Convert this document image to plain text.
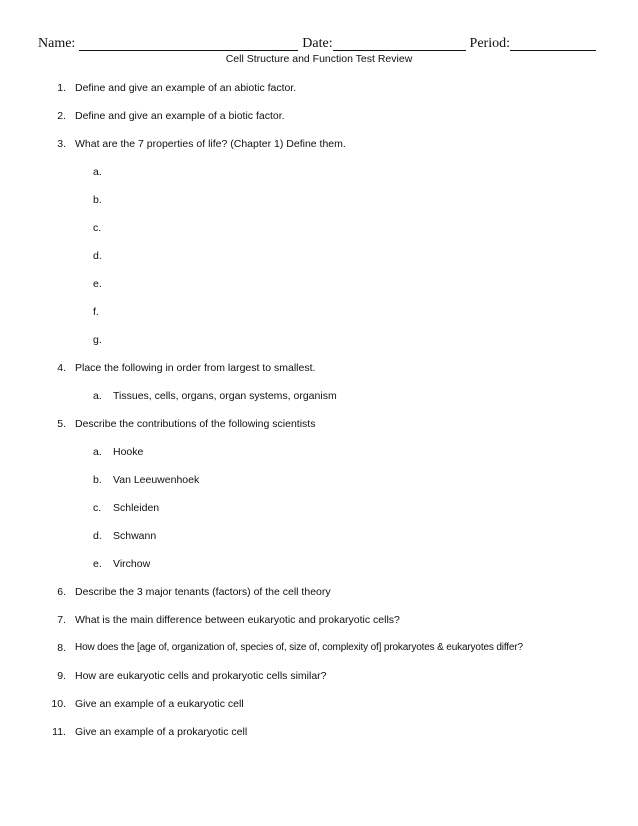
Name:	Date:	Period:
Cell Structure and Function Test Review
1. Define and give an example of an abiotic factor.
2. Define and give an example of a biotic factor.
3. What are the 7 properties of life? (Chapter 1) Define them.
a.
b.
c.
d.
e.
f.
g.
4. Place the following in order from largest to smallest.
a. Tissues, cells, organs, organ systems, organism
5. Describe the contributions of the following scientists
a. Hooke
b. Van Leeuwenhoek
c. Schleiden
d. Schwann
e. Virchow
6. Describe the 3 major tenants (factors) of the cell theory
7. What is the main difference between eukaryotic and prokaryotic cells?
8. How does the [age of, organization of, species of, size of, complexity of] prokaryotes & eukaryotes differ?
9. How are eukaryotic cells and prokaryotic cells similar?
10. Give an example of a eukaryotic cell
11. Give an example of a prokaryotic cell
